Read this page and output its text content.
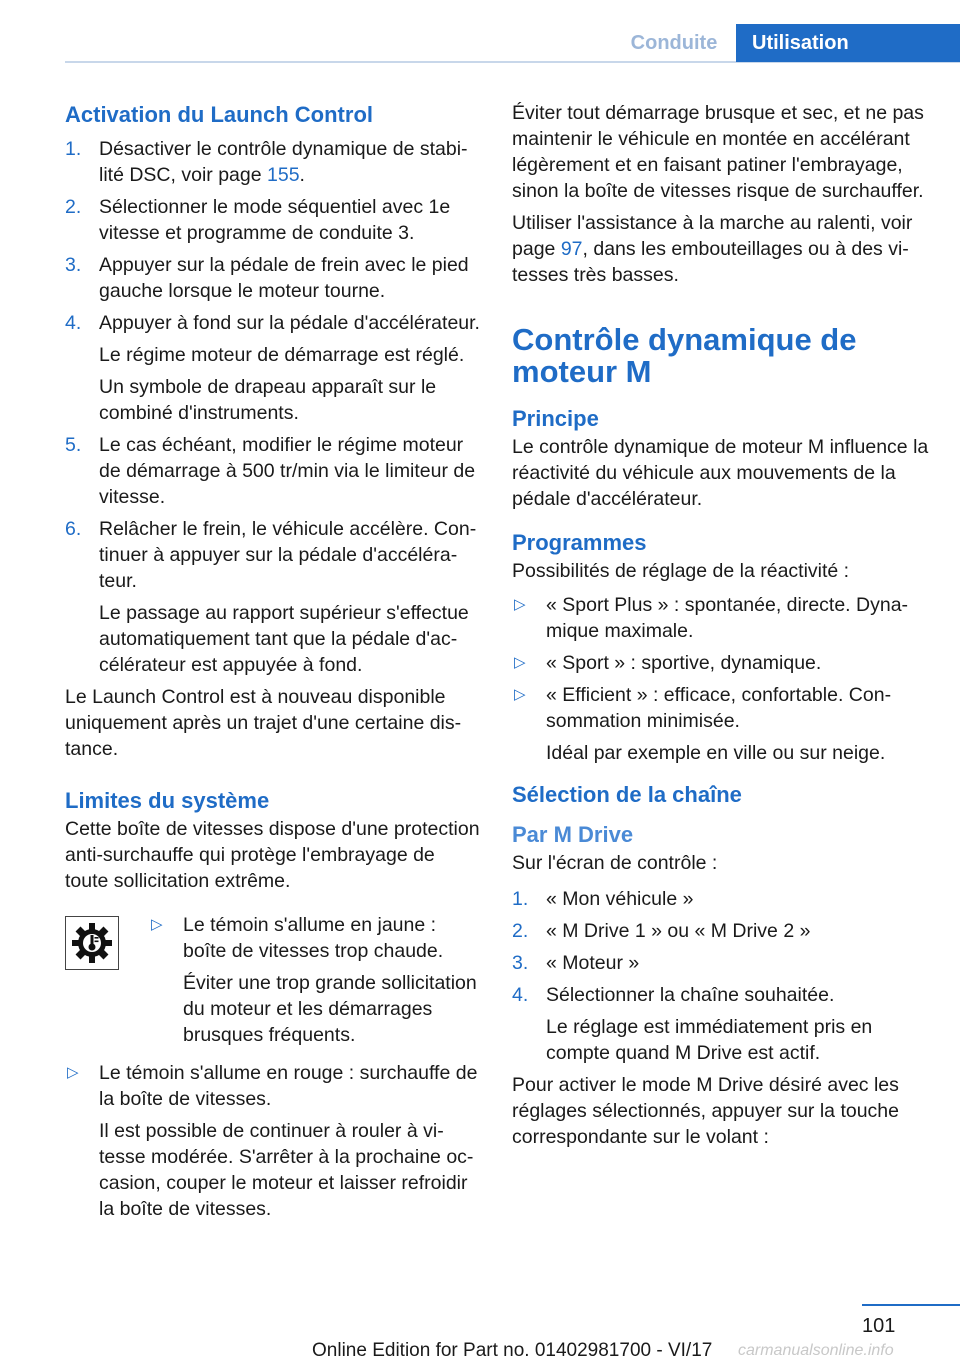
Conduite	Utilisation
Activation du Launch Control
1. Désactiver le contrôle dynamique de stabilité DSC, voir page 155.
2. Sélectionner le mode séquentiel avec 1e vitesse et programme de conduite 3.
3. Appuyer sur la pédale de frein avec le pied gauche lorsque le moteur tourne.
4. Appuyer à fond sur la pédale d'accélérateur.

Le régime moteur de démarrage est réglé.

Un symbole de drapeau apparaît sur le combiné d'instruments.

5. Le cas échéant, modifier le régime moteur de démarrage à 500 tr/min via le limiteur de vitesse.
6. Relâcher le frein, le véhicule accélère. Continuer à appuyer sur la pédale d'accélérateur.

Le passage au rapport supérieur s'effectue automatiquement tant que la pédale d'accélérateur est appuyée à fond.

Le Launch Control est à nouveau disponible uniquement après un trajet d'une certaine distance.

Limites du système

Cette boîte de vitesses dispose d'une protection anti-surchauffe qui protège l'embrayage de toute sollicitation extrême.

▷ Le témoin s'allume en jaune : boîte de vitesses trop chaude.

Éviter une trop grande sollicitation du moteur et les démarrages brusques fréquents.

▷ Le témoin s'allume en rouge : surchauffe de la boîte de vitesses.

Il est possible de continuer à rouler à vitesse modérée. S'arrêter à la prochaine occasion, couper le moteur et laisser refroidir la boîte de vitesses.

Éviter tout démarrage brusque et sec, et ne pas maintenir le véhicule en montée en accélérant légèrement et en faisant patiner l'embrayage, sinon la boîte de vitesses risque de surchauffer.

Utiliser l'assistance à la marche au ralenti, voir page 97, dans les embouteillages ou à des vitesses très basses.

Contrôle dynamique de moteur M
Principe

Le contrôle dynamique de moteur M influence la réactivité du véhicule aux mouvements de la pédale d'accélérateur.

Programmes

Possibilités de réglage de la réactivité :

▷ « Sport Plus » : spontanée, directe. Dynamique maximale.
▷ « Sport » : sportive, dynamique.
▷ « Efficient » : efficace, confortable. Consommation minimisée.

Idéal par exemple en ville ou sur neige.

Sélection de la chaîne
Par M Drive

Sur l'écran de contrôle :

1. « Mon véhicule »
2. « M Drive 1 » ou « M Drive 2 »
3. « Moteur »
4. Sélectionner la chaîne souhaitée.

Le réglage est immédiatement pris en compte quand M Drive est actif.

Pour activer le mode M Drive désiré avec les réglages sélectionnés, appuyer sur la touche correspondante sur le volant :

101
Online Edition for Part no. 01402981700 - VI/17 carmanualsonline.info
